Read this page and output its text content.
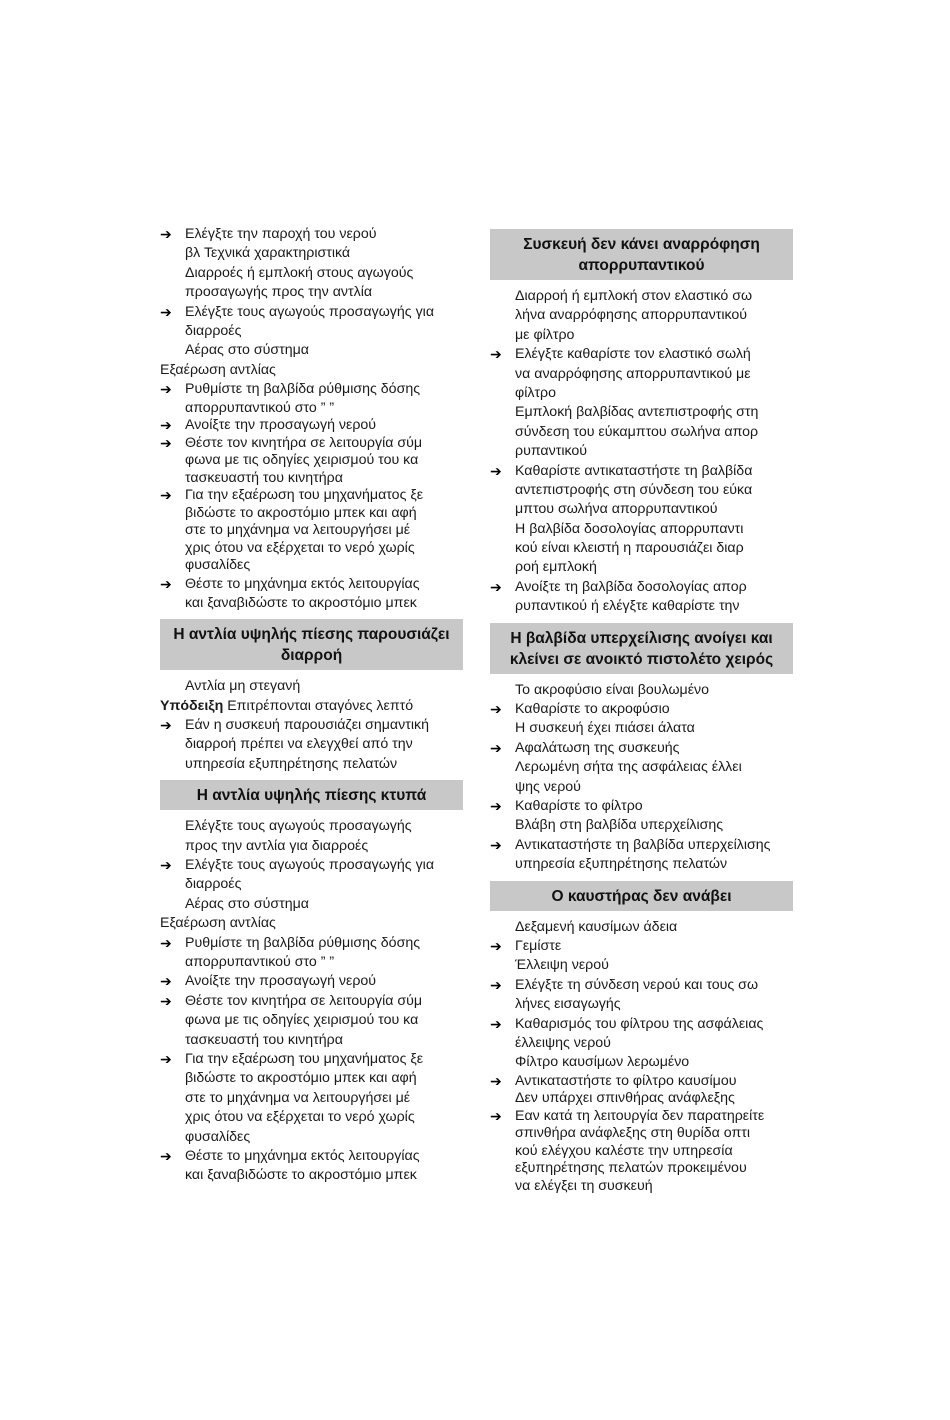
➔ Ελέγξτε την παροχή του νερού
βλ Τεχνικά χαρακτηριστικά
Διαρροές ή εμπλοκή στους αγωγούς
προσαγωγής προς την αντλία
➔ Ελέγξτε τους αγωγούς προσαγωγής για
διαρροές
Αέρας στο σύστημα
Εξαέρωση αντλίας
➔ Ρυθμίστε τη βαλβίδα ρύθμισης δόσης
απορρυπαντικού στο ” ”
➔ Ανοίξτε την προσαγωγή νερού
➔ Θέστε τον κινητήρα σε λειτουργία σύμ
φωνα με τις οδηγίες χειρισμού του κα
τασκευαστή του κινητήρα
➔ Για την εξαέρωση του μηχανήματος ξε
βιδώστε το ακροστόμιο μπεκ και αφή
στε το μηχάνημα να λειτουργήσει μέ
χρις ότου να εξέρχεται το νερό χωρίς
φυσαλίδες
➔ Θέστε το μηχάνημα εκτός λειτουργίας
και ξαναβιδώστε το ακροστόμιο μπεκ
Η αντλία υψηλής πίεσης παρουσιάζει διαρροή
Αντλία μη στεγανή
Υπόδειξη Επιτρέπονται σταγόνες λεπτό
➔ Εάν η συσκευή παρουσιάζει σημαντική
διαρροή πρέπει να ελεγχθεί από την
υπηρεσία εξυπηρέτησης πελατών
Η αντλία υψηλής πίεσης κτυπά
Ελέγξτε τους αγωγούς προσαγωγής
προς την αντλία για διαρροές
➔ Ελέγξτε τους αγωγούς προσαγωγής για
διαρροές
Αέρας στο σύστημα
Εξαέρωση αντλίας
➔ Ρυθμίστε τη βαλβίδα ρύθμισης δόσης
απορρυπαντικού στο ” ”
➔ Ανοίξτε την προσαγωγή νερού
➔ Θέστε τον κινητήρα σε λειτουργία σύμ
φωνα με τις οδηγίες χειρισμού του κα
τασκευαστή του κινητήρα
➔ Για την εξαέρωση του μηχανήματος ξε
βιδώστε το ακροστόμιο μπεκ και αφή
στε το μηχάνημα να λειτουργήσει μέ
χρις ότου να εξέρχεται το νερό χωρίς
φυσαλίδες
➔ Θέστε το μηχάνημα εκτός λειτουργίας
και ξαναβιδώστε το ακροστόμιο μπεκ
Συσκευή δεν κάνει αναρρόφηση απορρυπαντικού
Διαρροή ή εμπλοκή στον ελαστικό σω
λήνα αναρρόφησης απορρυπαντικού
με φίλτρο
➔ Ελέγξτε καθαρίστε τον ελαστικό σωλή
να αναρρόφησης απορρυπαντικού με
φίλτρο
Εμπλοκή βαλβίδας αντεπιστροφής στη
σύνδεση του εύκαμπτου σωλήνα απορ
ρυπαντικού
➔ Καθαρίστε αντικαταστήστε τη βαλβίδα
αντεπιστροφής στη σύνδεση του εύκα
μπτου σωλήνα απορρυπαντικού
Η βαλβίδα δοσολογίας απορρυπαντι
κού είναι κλειστή η παρουσιάζει διαρ
ροή εμπλοκή
➔ Ανοίξτε τη βαλβίδα δοσολογίας απορ
ρυπαντικού ή ελέγξτε καθαρίστε την
Η βαλβίδα υπερχείλισης ανοίγει και κλείνει σε ανοικτό πιστολέτο χειρός
Το ακροφύσιο είναι βουλωμένο
➔ Καθαρίστε το ακροφύσιο
Η συσκευή έχει πιάσει άλατα
➔ Αφαλάτωση της συσκευής
Λερωμένη σήτα της ασφάλειας έλλει
ψης νερού
➔ Καθαρίστε το φίλτρο
Βλάβη στη βαλβίδα υπερχείλισης
➔ Αντικαταστήστε τη βαλβίδα υπερχείλισης
υπηρεσία εξυπηρέτησης πελατών
Ο καυστήρας δεν ανάβει
Δεξαμενή καυσίμων άδεια
➔ Γεμίστε
Έλλειψη νερού
➔ Ελέγξτε τη σύνδεση νερού και τους σω
λήνες εισαγωγής
➔ Καθαρισμός του φίλτρου της ασφάλειας
έλλειψης νερού
Φίλτρο καυσίμων λερωμένο
➔ Αντικαταστήστε το φίλτρο καυσίμου
Δεν υπάρχει σπινθήρας ανάφλεξης
➔ Εαν κατά τη λειτουργία δεν παρατηρείτε
σπινθήρα ανάφλεξης στη θυρίδα οπτι
κού ελέγχου καλέστε την υπηρεσία
εξυπηρέτησης πελατών προκειμένου
να ελέγξει τη συσκευή
